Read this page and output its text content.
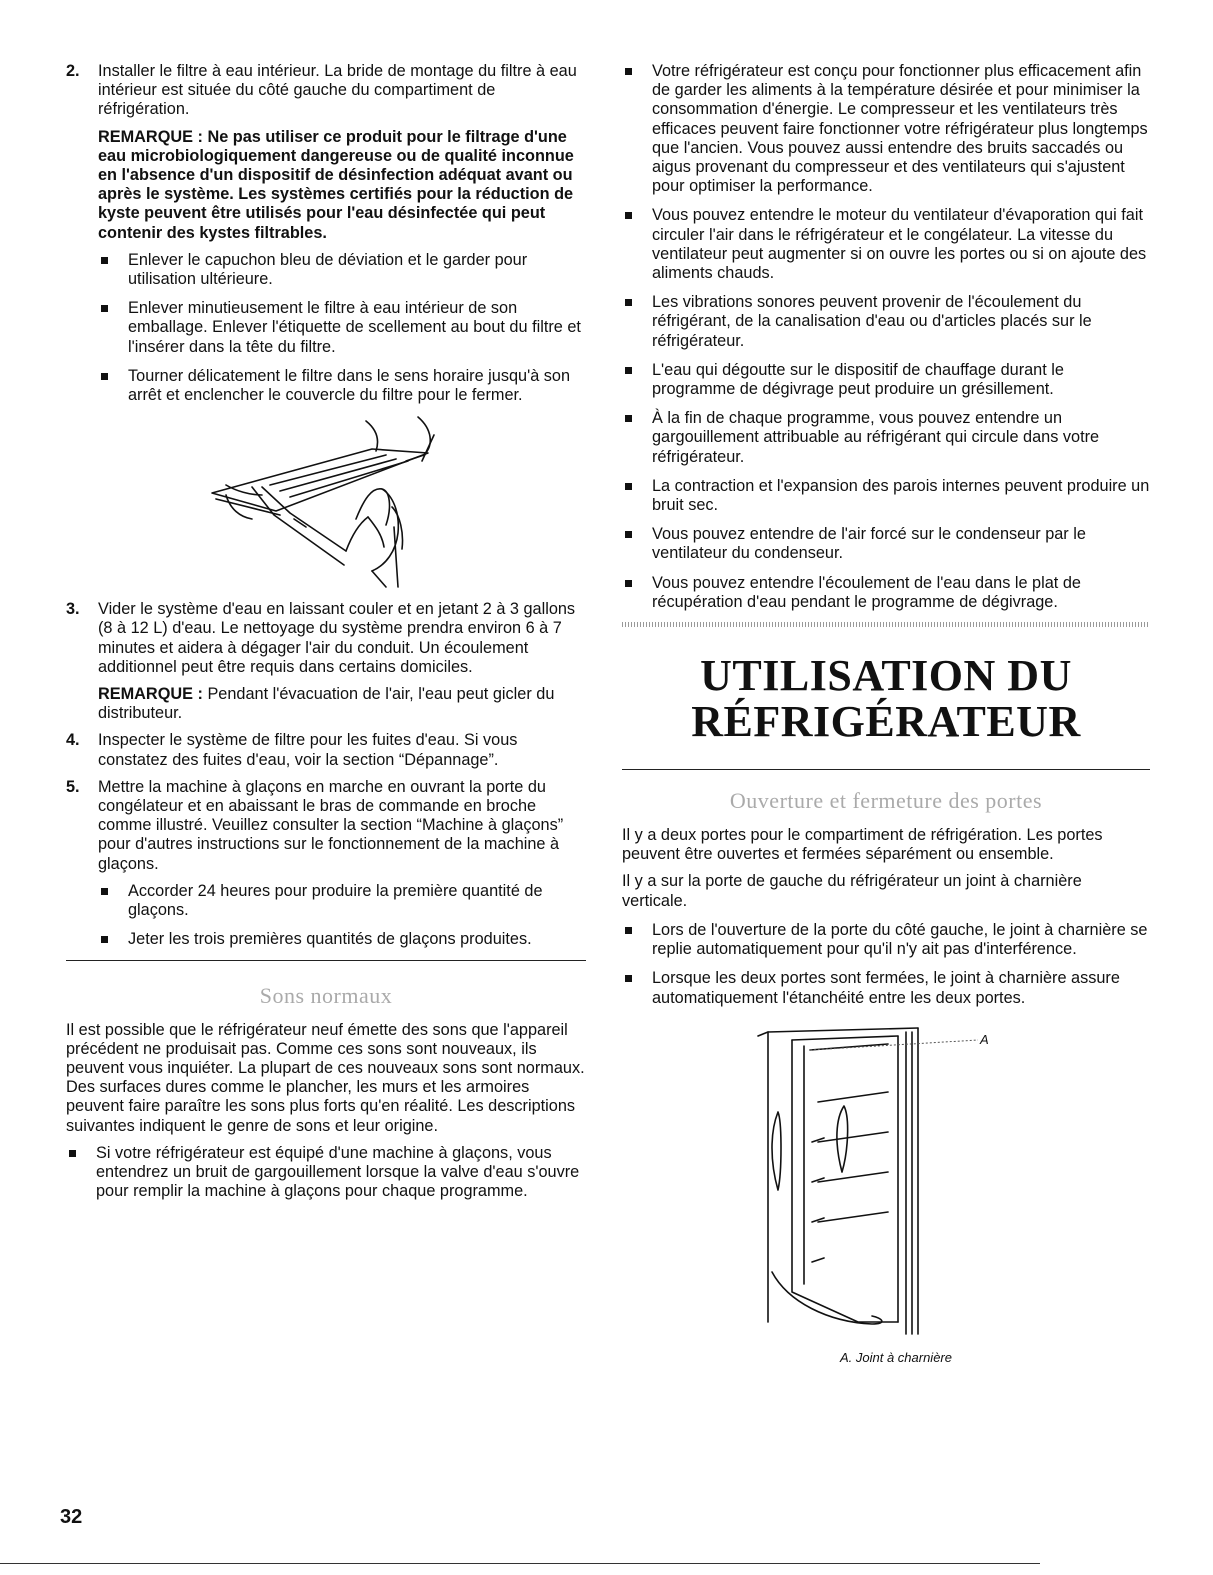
2. Installer le filtre à eau intérieur. La bride de montage du filtre à eau intérieur est située du côté gauche du compartiment de réfrigération.

REMARQUE : Ne pas utiliser ce produit pour le filtrage d'une eau microbiologiquement dangereuse ou de qualité inconnue en l'absence d'un dispositif de désinfection adéquat avant ou après le système. Les systèmes certifiés pour la réduction de kyste peuvent être utilisés pour l'eau désinfectée qui peut contenir des kystes filtrables.

Enlever le capuchon bleu de déviation et le garder pour utilisation ultérieure.
Enlever minutieusement le filtre à eau intérieur de son emballage. Enlever l'étiquette de scellement au bout du filtre et l'insérer dans la tête du filtre.
Tourner délicatement le filtre dans le sens horaire jusqu'à son arrêt et enclencher le couvercle du filtre pour le fermer.
3. Vider le système d'eau en laissant couler et en jetant 2 à 3 gallons (8 à 12 L) d'eau. Le nettoyage du système prendra environ 6 à 7 minutes et aidera à dégager l'air du conduit. Un écoulement additionnel peut être requis dans certains domiciles.

REMARQUE : Pendant l'évacuation de l'air, l'eau peut gicler du distributeur.

4. Inspecter le système de filtre pour les fuites d'eau. Si vous constatez des fuites d'eau, voir la section “Dépannage”.

5. Mettre la machine à glaçons en marche en ouvrant la porte du congélateur et en abaissant le bras de commande en broche comme illustré. Veuillez consulter la section “Machine à glaçons” pour d'autres instructions sur le fonctionnement de la machine à glaçons.

Accorder 24 heures pour produire la première quantité de glaçons.
Jeter les trois premières quantités de glaçons produites.
Sons normaux

Il est possible que le réfrigérateur neuf émette des sons que l'appareil précédent ne produisait pas. Comme ces sons sont nouveaux, ils peuvent vous inquiéter. La plupart de ces nouveaux sons sont normaux. Des surfaces dures comme le plancher, les murs et les armoires peuvent faire paraître les sons plus forts qu'en réalité. Les descriptions suivantes indiquent le genre de sons et leur origine.

Si votre réfrigérateur est équipé d'une machine à glaçons, vous entendrez un bruit de gargouillement lorsque la valve d'eau s'ouvre pour remplir la machine à glaçons pour chaque programme.
Votre réfrigérateur est conçu pour fonctionner plus efficacement afin de garder les aliments à la température désirée et pour minimiser la consommation d'énergie. Le compresseur et les ventilateurs très efficaces peuvent faire fonctionner votre réfrigérateur plus longtemps que l'ancien. Vous pouvez aussi entendre des bruits saccadés ou aigus provenant du compresseur et des ventilateurs qui s'ajustent pour optimiser la performance.
Vous pouvez entendre le moteur du ventilateur d'évaporation qui fait circuler l'air dans le réfrigérateur et le congélateur. La vitesse du ventilateur peut augmenter si on ouvre les portes ou si on ajoute des aliments chauds.
Les vibrations sonores peuvent provenir de l'écoulement du réfrigérant, de la canalisation d'eau ou d'articles placés sur le réfrigérateur.
L'eau qui dégoutte sur le dispositif de chauffage durant le programme de dégivrage peut produire un grésillement.
À la fin de chaque programme, vous pouvez entendre un gargouillement attribuable au réfrigérant qui circule dans votre réfrigérateur.
La contraction et l'expansion des parois internes peuvent produire un bruit sec.
Vous pouvez entendre de l'air forcé sur le condenseur par le ventilateur du condenseur.
Vous pouvez entendre l'écoulement de l'eau dans le plat de récupération d'eau pendant le programme de dégivrage.
UTILISATION DU
RÉFRIGÉRATEUR
Ouverture et fermeture des portes

Il y a deux portes pour le compartiment de réfrigération. Les portes peuvent être ouvertes et fermées séparément ou ensemble.

Il y a sur la porte de gauche du réfrigérateur un joint à charnière verticale.

Lors de l'ouverture de la porte du côté gauche, le joint à charnière se replie automatiquement pour qu'il n'y ait pas d'interférence.
Lorsque les deux portes sont fermées, le joint à charnière assure automatiquement l'étanchéité entre les deux portes.
A
A. Joint à charnière
32
